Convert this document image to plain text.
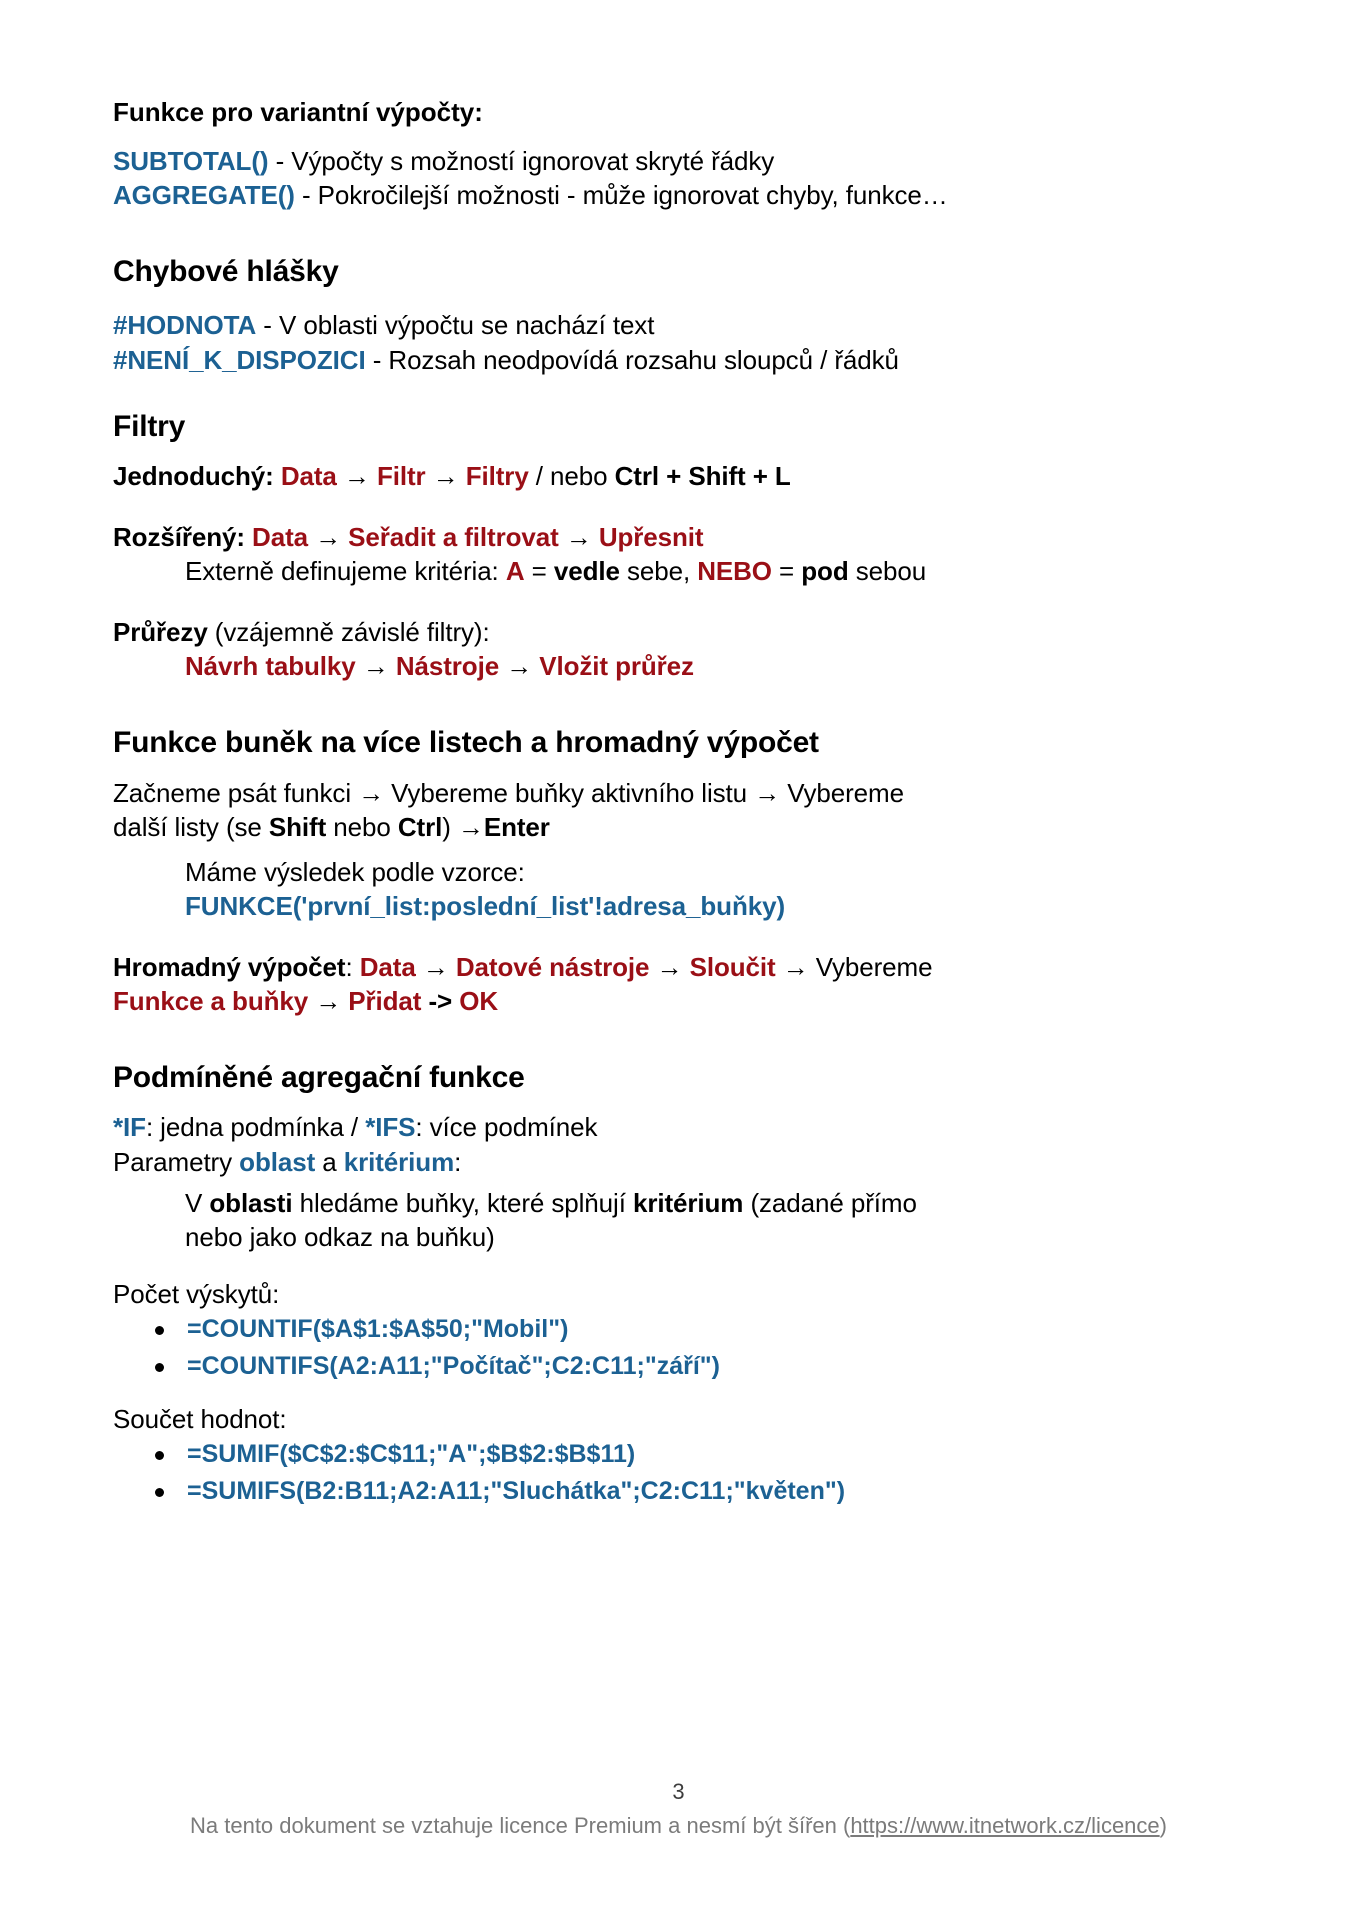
Funkce pro variantní výpočty:

SUBTOTAL() - Výpočty s možností ignorovat skryté řádky

AGGREGATE() - Pokročilejší možnosti - může ignorovat chyby, funkce…

Chybové hlášky

#HODNOTA - V oblasti výpočtu se nachází text

#NENÍ_K_DISPOZICI - Rozsah neodpovídá rozsahu sloupců / řádků

Filtry

Jednoduchý: Data → Filtr → Filtry / nebo Ctrl + Shift + L

Rozšířený: Data → Seřadit a filtrovat → Upřesnit

Externě definujeme kritéria: A = vedle sebe, NEBO = pod sebou

Průřezy (vzájemně závislé filtry):

Návrh tabulky → Nástroje → Vložit průřez

Funkce buněk na více listech a hromadný výpočet

Začneme psát funkci → Vybereme buňky aktivního listu → Vybereme

další listy (se Shift nebo Ctrl) →Enter

Máme výsledek podle vzorce:

FUNKCE('první_list:poslední_list'!adresa_buňky)

Hromadný výpočet: Data → Datové nástroje → Sloučit → Vybereme

Funkce a buňky → Přidat -> OK

Podmíněné agregační funkce

*IF: jedna podmínka / *IFS: více podmínek

Parametry oblast a kritérium:

V oblasti hledáme buňky, které splňují kritérium (zadané přímo

nebo jako odkaz na buňku)

Počet výskytů:

=COUNTIF($A$1:$A$50;"Mobil")
=COUNTIFS(A2:A11;"Počítač";C2:C11;"září")

Součet hodnot:

=SUMIF($C$2:$C$11;"A";$B$2:$B$11)
=SUMIFS(B2:B11;A2:A11;"Sluchátka";C2:C11;"květen")
3
Na tento dokument se vztahuje licence Premium a nesmí být šířen (https://www.itnetwork.cz/licence)
